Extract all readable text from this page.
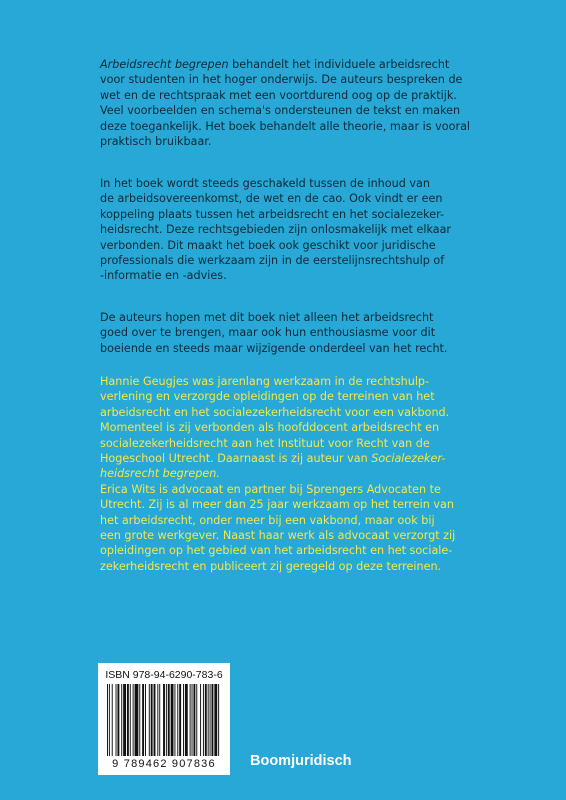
Arbeidsrecht begrepen behandelt het individuele arbeidsrecht
voor studenten in het hoger onderwijs. De auteurs bespreken de
wet en de rechtspraak met een voortdurend oog op de praktijk.
Veel voorbeelden en schema's ondersteunen de tekst en maken
deze toegankelijk. Het boek behandelt alle theorie, maar is vooral
praktisch bruikbaar.
In het boek wordt steeds geschakeld tussen de inhoud van
de arbeidsovereenkomst, de wet en de cao. Ook vindt er een
koppeling plaats tussen het arbeidsrecht en het socialezeker-
heidsrecht. Deze rechtsgebieden zijn onlosmakelijk met elkaar
verbonden. Dit maakt het boek ook geschikt voor juridische
professionals die werkzaam zijn in de eerstelijnsrechtshulp of
-informatie en -advies.
De auteurs hopen met dit boek niet alleen het arbeidsrecht
goed over te brengen, maar ook hun enthousiasme voor dit
boeiende en steeds maar wijzigende onderdeel van het recht.
Hannie Geugjes was jarenlang werkzaam in de rechtshulp-
verlening en verzorgde opleidingen op de terreinen van het
arbeidsrecht en het socialezekerheidsrecht voor een vakbond.
Momenteel is zij verbonden als hoofddocent arbeidsrecht en
socialezekerheidsrecht aan het Instituut voor Recht van de
Hogeschool Utrecht. Daarnaast is zij auteur van Socialezeker-
heidsrecht begrepen.
Erica Wits is advocaat en partner bij Sprengers Advocaten te
Utrecht. Zij is al meer dan 25 jaar werkzaam op het terrein van
het arbeidsrecht, onder meer bij een vakbond, maar ook bij
een grote werkgever. Naast haar werk als advocaat verzorgt zij
opleidingen op het gebied van het arbeidsrecht en het sociale-
zekerheidsrecht en publiceert zij geregeld op deze terreinen.
ISBN 978-94-6290-783-6
9 789462 907836	Boomjuridisch
